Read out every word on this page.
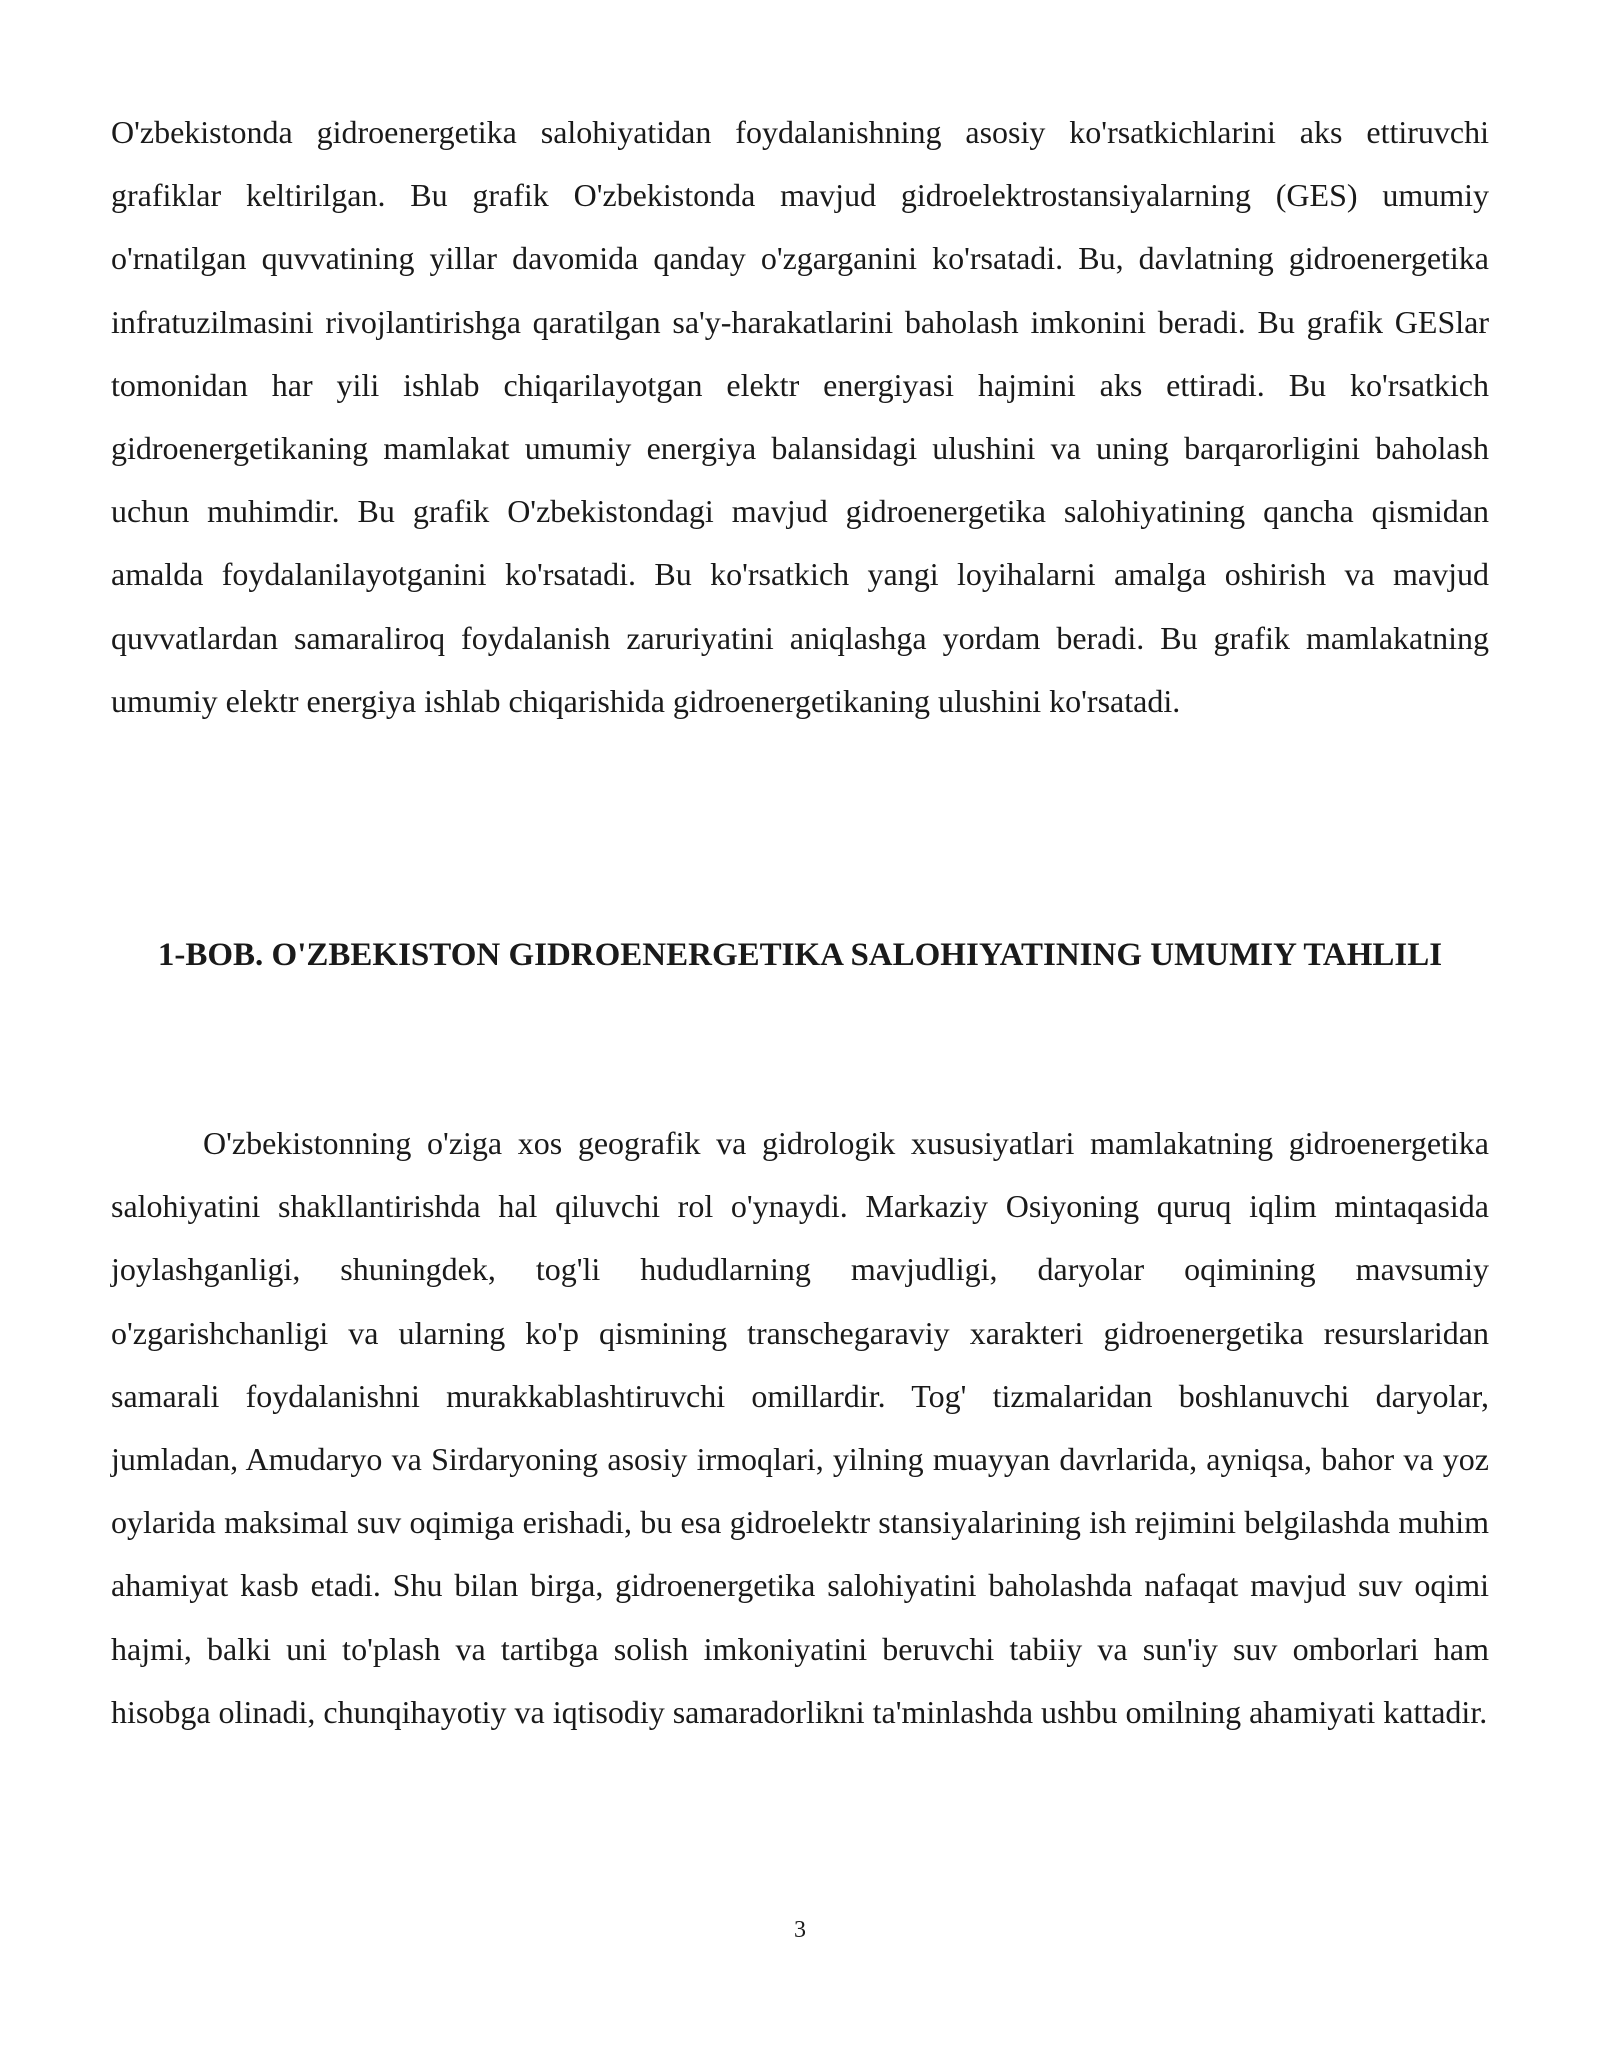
O'zbekistonda gidroenergetika salohiyatidan foydalanishning asosiy ko'rsatkichlarini aks ettiruvchi grafiklar keltirilgan. Bu grafik O'zbekistonda mavjud gidroelektrostansiyalarning (GES) umumiy o'rnatilgan quvvatining yillar davomida qanday o'zgarganini ko'rsatadi. Bu, davlatning gidroenergetika infratuzilmasini rivojlantirishga qaratilgan sa'y-harakatlarini baholash imkonini beradi. Bu grafik GESlar tomonidan har yili ishlab chiqarilayotgan elektr energiyasi hajmini aks ettiradi. Bu ko'rsatkich gidroenergetikaning mamlakat umumiy energiya balansidagi ulushini va uning barqarorligini baholash uchun muhimdir. Bu grafik O'zbekistondagi mavjud gidroenergetika salohiyatining qancha qismidan amalda foydalanilayotganini ko'rsatadi. Bu ko'rsatkich yangi loyihalarni amalga oshirish va mavjud quvvatlardan samaraliroq foydalanish zaruriyatini aniqlashga yordam beradi. Bu grafik mamlakatning umumiy elektr energiya ishlab chiqarishida gidroenergetikaning ulushini ko'rsatadi.

1-BOB. O'ZBEKISTON GIDROENERGETIKA SALOHIYATINING UMUMIY TAHLILI

O'zbekistonning o'ziga xos geografik va gidrologik xususiyatlari mamlakatning gidroenergetika salohiyatini shakllantirishda hal qiluvchi rol o'ynaydi. Markaziy Osiyoning quruq iqlim mintaqasida joylashganligi, shuningdek, tog'li hududlarning mavjudligi, daryolar oqimining mavsumiy o'zgarishchanligi va ularning ko'p qismining transchegaraviy xarakteri gidroenergetika resurslaridan samarali foydalanishni murakkablashtiruvchi omillardir. Tog' tizmalaridan boshlanuvchi daryolar, jumladan, Amudaryo va Sirdaryoning asosiy irmoqlari, yilning muayyan davrlarida, ayniqsa, bahor va yoz oylarida maksimal suv oqimiga erishadi, bu esa gidroelektr stansiyalarining ish rejimini belgilashda muhim ahamiyat kasb etadi. Shu bilan birga, gidroenergetika salohiyatini baholashda nafaqat mavjud suv oqimi hajmi, balki uni to'plash va tartibga solish imkoniyatini beruvchi tabiiy va sun'iy suv omborlari ham hisobga olinadi, chunqihayotiy va iqtisodiy samaradorlikni ta'minlashda ushbu omilning ahamiyati kattadir.

3
